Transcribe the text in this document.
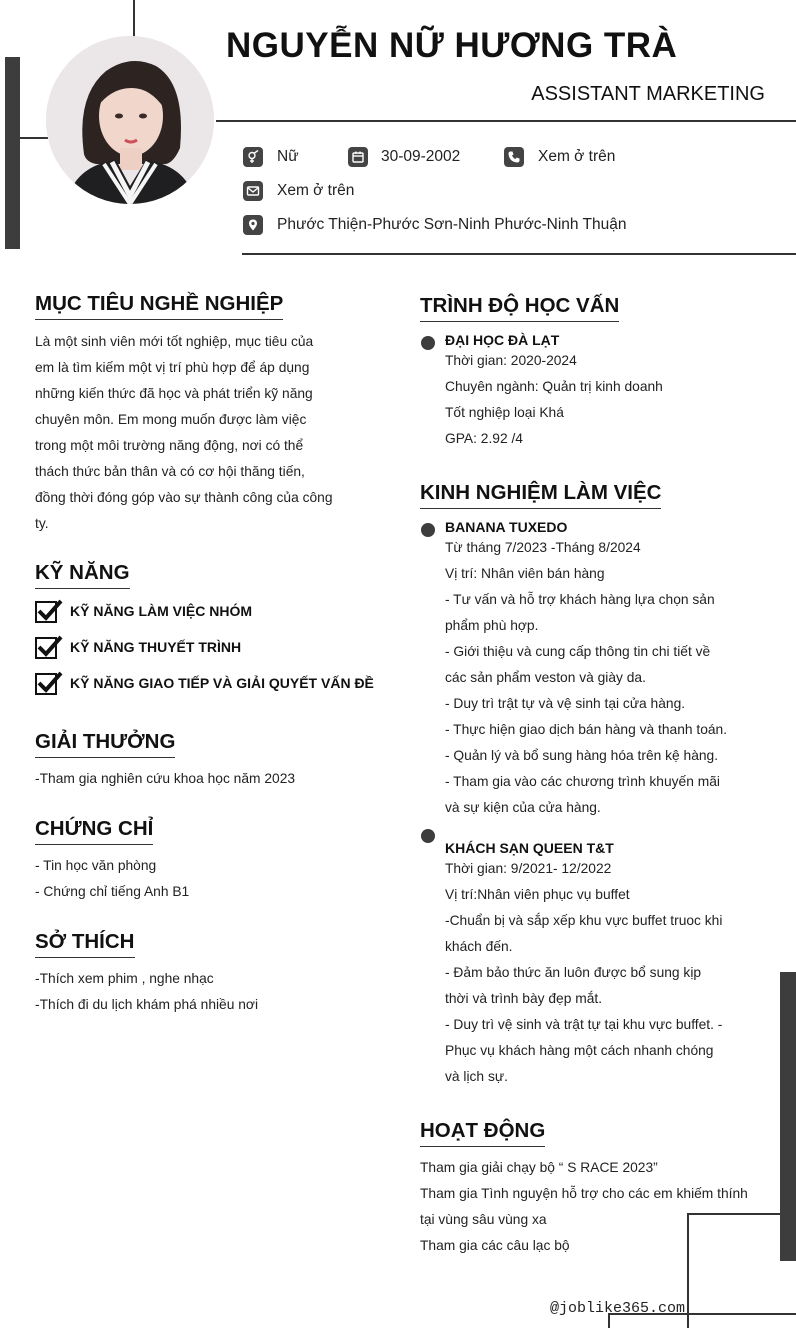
NGUYỄN NỮ HƯƠNG TRÀ
ASSISTANT MARKETING
Nữ	30-09-2002	Xem ở trên
Xem ở trên
Phước Thiện-Phước Sơn-Ninh Phước-Ninh Thuận
MỤC TIÊU NGHỀ NGHIỆP
Là một sinh viên mới tốt nghiệp, mục tiêu của
em là tìm kiếm một vị trí phù hợp để áp dụng
những kiến thức đã học và phát triển kỹ năng
chuyên môn. Em mong muốn được làm việc
trong một môi trường năng động, nơi có thể
thách thức bản thân và có cơ hội thăng tiến,
đồng thời đóng góp vào sự thành công của công
ty.
KỸ NĂNG
KỸ NĂNG LÀM VIỆC NHÓM
KỸ NĂNG THUYẾT TRÌNH
KỸ NĂNG GIAO TIẾP VÀ GIẢI QUYẾT VẤN ĐỀ
GIẢI THƯỞNG
-Tham gia nghiên cứu khoa học năm 2023
CHỨNG CHỈ
- Tin học văn phòng
- Chứng chỉ tiếng Anh B1
SỞ THÍCH
-Thích xem phim , nghe nhạc
-Thích đi du lịch khám phá nhiều nơi
TRÌNH ĐỘ HỌC VẤN
ĐẠI HỌC ĐÀ LẠT
Thời gian: 2020-2024
Chuyên ngành: Quản trị kinh doanh
Tốt nghiệp loại Khá
GPA: 2.92 /4
KINH NGHIỆM LÀM VIỆC
BANANA TUXEDO
Từ tháng 7/2023 -Tháng 8/2024
Vị trí: Nhân viên bán hàng
- Tư vấn và hỗ trợ khách hàng lựa chọn sản
phẩm phù hợp.
- Giới thiệu và cung cấp thông tin chi tiết về
các sản phẩm veston và giày da.
- Duy trì trật tự và vệ sinh tại cửa hàng.
- Thực hiện giao dịch bán hàng và thanh toán.
- Quản lý và bổ sung hàng hóa trên kệ hàng.
- Tham gia vào các chương trình khuyến mãi
và sự kiện của cửa hàng.
KHÁCH SẠN QUEEN T&T
Thời gian: 9/2021- 12/2022
Vị trí:Nhân viên phục vụ buffet
-Chuẩn bị và sắp xếp khu vực buffet truoc khi
khách đến.
- Đảm bảo thức ăn luôn được bổ sung kịp
thời và trình bày đẹp mắt.
- Duy trì vệ sinh và trật tự tại khu vực buffet. -
Phục vụ khách hàng một cách nhanh chóng
và lịch sự.
HOẠT ĐỘNG
Tham gia giải chạy bộ “ S RACE 2023”
Tham gia Tình nguyện hỗ trợ cho các em khiếm thính
tại vùng sâu vùng xa
Tham gia các câu lạc bộ
@joblike365.com
